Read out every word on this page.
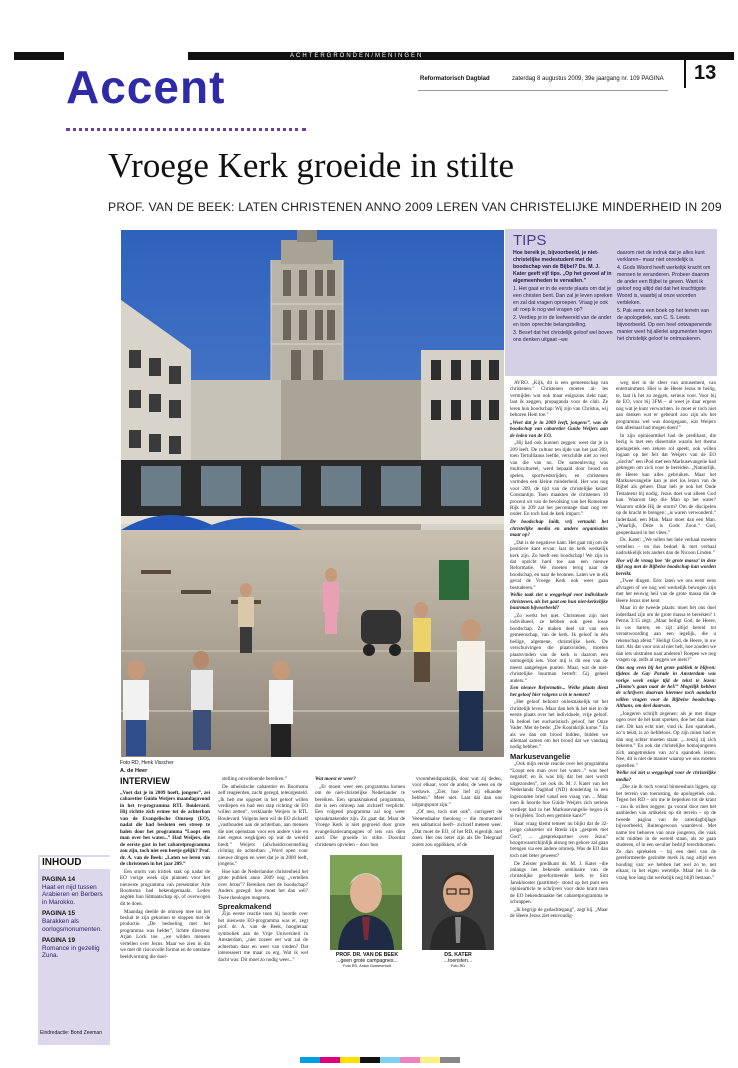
ACHTERGRONDEN/MENINGEN
Accent	Reformatorisch Dagblad	zaterdag 8 augustus 2009, 39e jaargang nr. 109 PAGINA 13
Vroege Kerk groeide in stilte
PROF. VAN DE BEEK: LATEN CHRISTENEN ANNO 2009 LEREN VAN CHRISTELIJKE MINDERHEID IN 209
Foto RD, Henk Visscher
TIPS

Hoe bereik je, bijvoorbeeld, je niet-christelijke medestudent met de boodschap van de Bijbel? Ds. M. J. Kater geeft vijf tips. „Op het gevoel af in algemeenheden te vervallen.”

1. Het gaat er in de eerste plaats om dat je een christen bent. Dan zal je leven spreken en zal dat vragen oproepen. Vraag je ook af: roep ik nog wel vragen op?

2. Verdiep je in de leefwereld van de ander en toon oprechte belangstelling.

3. Besef dat het christelijk geloof wel boven ons denken uitgaat –we

daarom niet de indruk dat je alles kunt verklaren– maar niet onredelijk is.

4. Gods Woord heeft werkelijk kracht om mensen te veranderen. Probeer daarom de ander een Bijbel te geven. Want ik geloof nog altijd dat dat het krachtigste Woord is, waarbij al onze woorden verbleken.

5. Pak eens een boek op het terrein van de apologetiek, van C. S. Lewis bijvoorbeeld. Op een heel ontwapenende manier weet hij allerlei argumenten tegen het christelijk geloof te ontmaskeren.

A. de Heer
INTERVIEW

„Voet dat je in 2009 hoeft, jongens”, zei cabaretier Guido Weijers maandagavond in het tv-programma RTL Boulevard. Hij richtte zich ermee tot de achterban van de Evangelische Omroep (EO), nadat die had besloten een streep te halen door het programma “Loopt een man over het water...” Had Weijers, die de eerste gast in het cabaretprogramma zou zijn, toch niet een beetje gelijk? Prof. dr. A. van de Beek: „Laten we leren van de christenen in het jaar 209.”

Een storm van kritiek stak op nadat de EO vorige week zijn plannen voor het nieuwste programma van presentator Arie Boomsma had bekendgemaakt. Leden zegden hun lidmaatschap op, of overwogen dit te doen.

Maandag deelde de omroep mee tot het besluit te zijn gekomen te stoppen met de productie. „De bedoeling met het programma was helder”, lichtte directeur Arjan Lock toe. „we wilden mensen vertellen over Jezus. Maar we zien in dat we met dit risicovolle format en de ontstane beeldvorming die doel-

stelling onvoldoende bereiken.”

De atheïstische cabaretier en Boomsma zelf reageerden, zacht gezegd, teleurgesteld. „Ik heb me opgezet in het geloof willen verdiepen en had een stap richting de EO willen zetten”, verklaarde Weijers in RTL Boulevard. Volgens hem wil de EO zichzelf „vastbouden aan de achterban, aan mensen die niet openstaan voor een andere visie en niet ergens wegkijpen op wat de wereld biedt.” Weijers (afscheidsvoorstelling richting de achterban: „Word open voor nieuwe dingen en weet dat je in 2009 leeft, jongens.”

Hoe kan de Nederlandse christenheid het grote publiek anno 2009 nog „vertellen over Jezus”? Bereiken met de boodschap? Anders gezegd: hoe moet het dan wél? Twee theologen reageren.

Spreakmakend

Zijn eerste reactie toen hij hoorde over het nieuwste EO-programma was er, zegt prof. dr. A. van de Beek, hoogleraar symboliek aan de Vrije Universiteit in Amsterdam, „niet zozeer eer wat zal de achterban daar en weer van vinden? Dat interesseert me maar zo erg. Wat ik wel dacht was: Dit moet zo nodig weer...”

Wat moest er weer?

„Er moest weer een programma komen om de niet-christelijke Nederlander te bereiken. Een spraakmakend programma, dat is een omroep aan zichzelf verplicht. Een volgend programma zal nog weer spraakmakender zijn. Zo gaat dat. Maar de Vroege Kerk is niet gegroeid door grote evangelisatiecampagnes of iets van dien aard. Die groeide in stilte. Doordat christenen opvielen – door hun

vroomheidspraktijk, door wat zij deden, voor elkaar, voor de ander, de wees en de weduwe. „Ziet, hoe lief zij elkander hebben.” Meer niet. Laat dát dan ons uitgangspunt zijn.”

„Of neo, toch niet ook”, corrigeert de Veenendaalse theoloog – die momenteel een sabbatical heeft– zichzelf meteen weer. „Dat moet de EO, of het RD, eigenlijk niet doen. Het ons beter zijn als De Telegraaf zoiets zou opplikken, of de

AVRO. „Kijk, dit is een gemeenschap van christenen.” Christenen moeten al- les vermijden wat ook maar enigszins riekt naar, laat ik zeggen, propaganda voor de club. Ze leren hun boodschap: Wij zijn van Christus, wij behoren Hem toe.”

„Weet dat je in 2009 leeft, jongens”, was de boodschap van cabaretier Guido Weijers aan de leden van de EO.

„Hij had ook kunnen zeggen: weet dat je in 209 leeft. De cultuur ten tijde van het jaar 209, toen Tertullianus leefde, verschilde niet zo veel van die van nu. De samenleving was multicultureel, werd bepaald door brood en spelen, sportwedstrijden, en christenen vormden een kleine minderheid. Het was nog voor 209, de tijd van de christelijke keizer Constantijn. Toen maakten de christenen 10 procent uit van de bevolking van het Romeinse Rijk in 209 zat het percentage daar nog ver onder. En toch had de kerk impact.”

De boodschap luidt, vrij vertaald: het christelijke media en andere organisaties maar op?

„Dat is de negatieve kant. Het gaat mij om de positieve kant ervan: laat de kerk werkelijk kerk zijn. Zo heeft een boodschap! We zijn in dat opzicht hard toe aan een nieuwe Reformatie. We moeten terug naar de boodschap, en naar de bronnen. Laten we in elk geval de Vroege Kerk ook weer gaan bestuderen.”

Welke taak ziet u weggelegd voor individuele christenen, als het gaat om hun niet-kerkelijke buurman bijvoorbeeld?

„Zo werkt het niet. Christenen zijn niet individueel, ze hebben ook geen losse boodschap. Ze maken deel uit van een gemeenschap, van de kerk. Ik geloof in één heilige, algemene, christelijke kerk. De verschuivingen die plaatsvinden, moeten plaatsvinden van de kerk is daarom een onmogelijk iets. Voor mij is dit een van de meest aangelegen punten. Maar, wat de niet-christelijke buurman betreft: Gij geheel anders.”

Een nieuwe Reformatie... Welke plaats dient het geloof hier volgens u in te nemen?

„Het geloof behoort onlosmakelijk tot het christelijk leven. Maar dan heb ik het niet in de eerste plaats over het individuele, vrije geloof. Ik bedoel het eucharistisch geloof, het Onze Vader. Met de bede: „De Koninkrijk kome.” En als we dan om brood bidden, bidden we allemaal samen om het brood dat we vandaag nodig hebben.”

Markusevangelie

„Ook mijn eerste reactie over het programma “Loopt een man over het water...” was heel negatief; en ik was blij dat het niet wordt uitgezonden”, zei ook ds. M. J. Kater van het Nederlands Dagblad (ND) donderdag in een ingezonden brief vanaf een vraag van ... Maar toen ik hoorde hoe Guido Weijers zich serieus verdiept had in het Markusevangelie begon ik te twijfelen. Toch een gemiste kans?”

Haar vraag klemt temeer nu blijkt dat de 32-jarige cabaretier uit Breda zijn „gesprek met God”, ... „gesprekspartner over Jezus” hoogstwaarschijnlijk alsnog ten gehore zal gaan brengen via een andere omroep. Was de EO dan toch niet beter geweest?

De Zeister predikant ds. M. J. Kater –die onlangs het bekende seminaire van de christelijke gereformeerde kerk te Sint Jansklooster (parttime)– stond op het punt een opiniearticle te schrijven voor deze krant toen de EO bekendmaakte het cabaretprogramma te schrappen.

„Ik begrijp de gedachtegang”, zegt hij. „Maar de Heere Jezus ziet eenvoudig-

weg niet in de sfeer van amusement, van entertainment. Hier is de Heere Jezus te heilig, te, laat ik het zo zeggen, serieus voor. Voor bij de EO, voor bij 3FM – al weet je daar ergens nog wat je kunt verwachten. Je moet er toch niet aan denken wat er gebeurd zou zijn als het programma wel was doorgegaan, wat Weijers dan allemaal had mogen doen!”

In zijn opiniearttikel had de predikant, die bezig is met een dissertatie waarin het thema apologetiek een zekere rol speelt, ook willen ingaan op het feit dat Weijers van de EO „slechts” een iPod met een Markusevangelie had gekregen om zich voor te bereiden. „Natuurlijk, de Heere kan alles gebruiken. Maar het Markusevangelie kan je niet los lezen van de Bijbel als geheel. Daar heb je ook het Oude Testament bij nodig. Jezus doet wat alleen God kan. Waarom liep die Man op het water? Waarom stilde Hij de storm? Om de discipelen op de kracht te brengen: „is waren verwonderd.” Inderdaad, een Man. Maar moet dan een Man. „Waarlijk, Deze is Gods Zoon.” God, geopenbaard in het vlees.”

Ds. Kater: „We tullen het hele verhaal moeten vertellen – en dus bedoel ik met verhaal nadrukkelijk iets anders dan de Nicoon Linden.”

Hoe wij de vraag hoe ‘de grote massa’ in deze tijd nog met de Bijbelse boodschap kan worden bereikt.

„Twee dingen. Eén: laten we ons eerst eens afvragen of we nog wel werkelijk bewogen zijn met het eeuwig heil van de grote massa die de Heere Jezus niet kent.

Maar in de tweede plaats: moet het ons doel inderdaad zijn om de grote massa te bereiken? 1 Petrus 3:15 zegt: „Maar heiligt God, de Heere, in uw harten, en zijt altijd bereid tot verantwoording aan een iegelijk, die u rekenschap afeist.” Heiligt God, de Heere, in uw hart. Als dat voor ons al niet helt, hoe zouden we dan iets uitstralen naar anderen? Roepen we nog vragen op, zelfs al zeggen we niets?”

Ons nog even bij het grote publiek te blijven: tijdens de Gay Parade in Amsterdam was vorige week enige tijd de tekst te lezen: „Homo’s gaan naar de hel!” Mogelijk hebben de schrijvers daarvan hiermee toch aandacht willen vragen voor de Bijbelse boodschap. Althans, om deel daarvan.

„Jongeren schrijft zegenen: als je met dinge ogen over de hel kunt spreken, doe het dan maar niet. Dit kan echt niet, vind ik. Een spandoek, zo’n tekst, is zó liefdeloos. Op zijn minst had er dan nog achter moeten staan: „...tenzij zij zich bekeren.” En ook dat christelijke homojongeren zich aangetrokken van zo’n spandoek lezen. Nee, dit is niet de manier waarop we ons moeten opstellen.”

Welke rol ziet u weggelegd voor de christelijke media?

„Die zie ik toch vooral binnenshuis liggen, op het terrein van toerusting, de apologetiek ook. Tegen het RD – om me te beperken tot de krant – zou ik willen zeggen: ga vooral door met het aanbieden van artikelen op dit terrein – op de tweede pagina van de zaterdagbijlage bijvoorbeeld, Buitengewoon waardevol. Met name ten behoeve van onze jongeren, die vaak echt midden in de wereld staan, als ze gaan studeren, of in een seculier bedrijf terechtkomen. Ze dan sprekelen – bij een deel van de gereformeerde gezindte merk ik nog altijd een houding van: we hebben het wel zo te, net elkaar, in het eigen wereldje. Maar het is de vraag hoe lang dat werkelijk nog blijft bestaan.”

PROF. DR. VAN DE BEEK
...geen grote campagnes...
Foto RD, Anton Dommerholt
DS. KATER
...toeristen...
Foto RD
INHOUD
PAGINA 14
Haat en nijd tussen Arabieren en Berbers in Marokko.
PAGINA 15
Barakken als oorlogsmonumenten.
PAGINA 19
Romance in gezellig Zuna.
Eindredactie: Bond Zeeman
